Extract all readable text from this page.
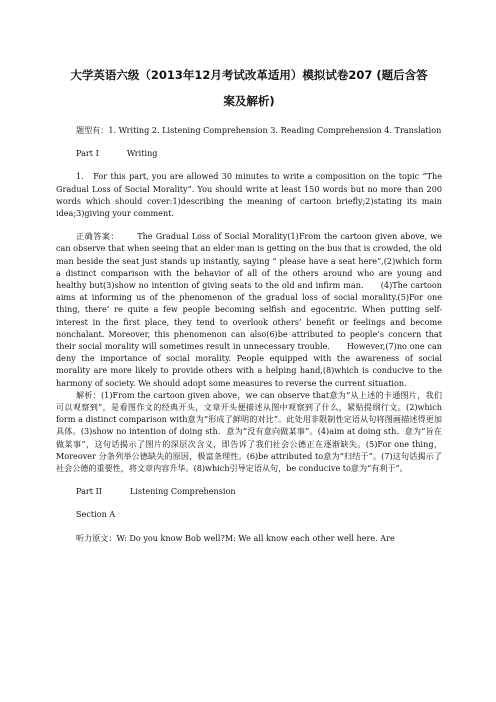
大学英语六级（2013年12月考试改革适用）模拟试卷207 (题后含答
案及解析)

题型有：1. Writing 2. Listening Comprehension 3. Reading Comprehension 4. Translation

Part I	Writing

1.　For this part, you are allowed 30 minutes to write a composition on the topic “The Gradual Loss of Social Morality”. You should write at least 150 words but no more than 200 words which should cover:1)describing the meaning of cartoon briefly;2)stating its main idea;3)giving your comment.

正确答案： The Gradual Loss of Social Morality(1)From the cartoon given above, we can observe that when seeing that an elder man is getting on the bus that is crowded, the old man beside the seat just stands up instantly, saying “ please have a seat here”,(2)which form a distinct comparison with the behavior of all of the others around who are young and healthy but(3)show no intention of giving seats to the old and infirm man.　　(4)The cartoon aims at informing us of the phenomenon of the gradual loss of social morality.(5)For one thing, there’ re quite a few people becoming selfish and egocentric. When putting self-interest in the first place, they tend to overlook others’ benefit or feelings and become nonchalant. Moreover, this phenomenon can also(6)be attributed to people’s concern that their social morality will sometimes result in unnecessary trouble.　　However,(7)no one can deny the importance of social morality. People equipped with the awareness of social morality are more likely to provide others with a helping hand,(8)which is conducive to the harmony of society. We should adopt some measures to reverse the current situation.

解析：(1)From the cartoon given above，we can observe that意为“从上述的卡通图片，我们可以观察到”，是看图作文的经典开头，文章开头便描述从图中观察到了什么，紧贴提纲行文。(2)which form a distinct comparison with意为“形成了鲜明的对比”。此处用非限制性定语从句将图画描述得更加具体。(3)show no intention of doing sth．意为“没有意向做某事”。(4)aim at doing sth．意为“旨在做某事”，这句话揭示了图片的深层次含义，即告诉了我们社会公德正在逐渐缺失。(5)For one thing，Moreover 分条列举公德缺失的原因，极富条理性。(6)be attributed to意为“归结于”。(7)这句话揭示了社会公德的重要性，将文章内容升华。(8)which引导定语从句，be conducive to意为“有利于”。

Part II	Listening Comprehension
Section A

听力原文：W: Do you know Bob well?M: We all know each other well here. Are
